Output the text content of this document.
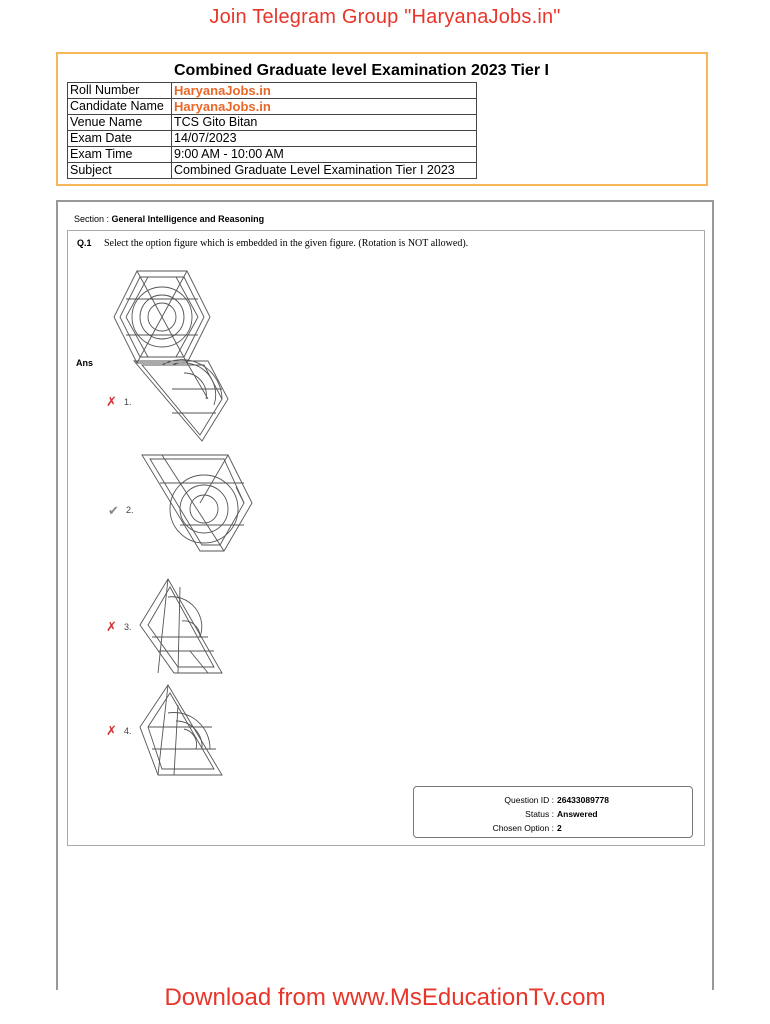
Join Telegram Group "HaryanaJobs.in"
Combined Graduate level Examination 2023 Tier I
Roll Number	HaryanaJobs.in
Candidate Name	HaryanaJobs.in
Venue Name	TCS Gito Bitan
Exam Date	14/07/2023
Exam Time	9:00 AM - 10:00 AM
Subject	Combined Graduate Level Examination Tier I 2023
Section : General Intelligence and Reasoning
Q.1 Select the option figure which is embedded in the given figure. (Rotation is NOT allowed).
Ans
✗ 1.
✔ 2.
✗ 3.
✗ 4.
Question ID : 26433089778
Status : Answered
Chosen Option : 2
Download from www.MsEducationTv.com
